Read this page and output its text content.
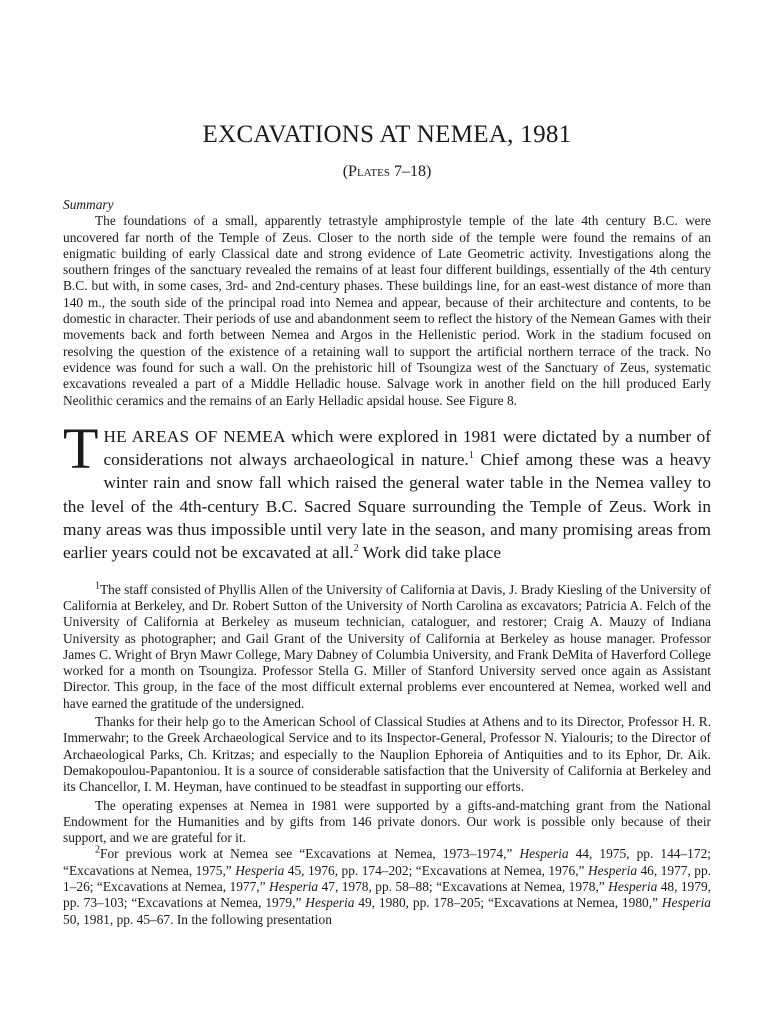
EXCAVATIONS AT NEMEA, 1981
(Plates 7–18)
Summary

The foundations of a small, apparently tetrastyle amphiprostyle temple of the late 4th century B.C. were uncovered far north of the Temple of Zeus. Closer to the north side of the temple were found the remains of an enigmatic building of early Classical date and strong evidence of Late Geometric activity. Investigations along the southern fringes of the sanctuary revealed the remains of at least four different buildings, essentially of the 4th century B.C. but with, in some cases, 3rd- and 2nd-century phases. These buildings line, for an east-west distance of more than 140 m., the south side of the principal road into Nemea and appear, because of their architecture and contents, to be domestic in character. Their periods of use and abandonment seem to reflect the history of the Nemean Games with their movements back and forth between Nemea and Argos in the Hellenistic period. Work in the stadium focused on resolving the question of the existence of a retaining wall to support the artificial northern terrace of the track. No evidence was found for such a wall. On the prehistoric hill of Tsoungiza west of the Sanctuary of Zeus, systematic excavations revealed a part of a Middle Helladic house. Salvage work in another field on the hill produced Early Neolithic ceramics and the remains of an Early Helladic apsidal house. See Figure 8.

THE AREAS OF NEMEA which were explored in 1981 were dictated by a number of considerations not always archaeological in nature.$^1$ Chief among these was a heavy winter rain and snow fall which raised the general water table in the Nemea valley to the level of the 4th-century B.C. Sacred Square surrounding the Temple of Zeus. Work in many areas was thus impossible until very late in the season, and many promising areas from earlier years could not be excavated at all.$^2$ Work did take place

$^1$The staff consisted of Phyllis Allen of the University of California at Davis, J. Brady Kiesling of the University of California at Berkeley, and Dr. Robert Sutton of the University of North Carolina as excavators; Patricia A. Felch of the University of California at Berkeley as museum technician, cataloguer, and restorer; Craig A. Mauzy of Indiana University as photographer; and Gail Grant of the University of California at Berkeley as house manager. Professor James C. Wright of Bryn Mawr College, Mary Dabney of Columbia University, and Frank DeMita of Haverford College worked for a month on Tsoungiza. Professor Stella G. Miller of Stanford University served once again as Assistant Director. This group, in the face of the most difficult external problems ever encountered at Nemea, worked well and have earned the gratitude of the undersigned.

Thanks for their help go to the American School of Classical Studies at Athens and to its Director, Professor H. R. Immerwahr; to the Greek Archaeological Service and to its Inspector-General, Professor N. Yialouris; to the Director of Archaeological Parks, Ch. Kritzas; and especially to the Nauplion Ephoreia of Antiquities and to its Ephor, Dr. Aik. Demakopoulou-Papantoniou. It is a source of considerable satisfaction that the University of California at Berkeley and its Chancellor, I. M. Heyman, have continued to be steadfast in supporting our efforts.

The operating expenses at Nemea in 1981 were supported by a gifts-and-matching grant from the National Endowment for the Humanities and by gifts from 146 private donors. Our work is possible only because of their support, and we are grateful for it.

$^2$For previous work at Nemea see “Excavations at Nemea, 1973–1974,” Hesperia 44, 1975, pp. 144–172; “Excavations at Nemea, 1975,” Hesperia 45, 1976, pp. 174–202; “Excavations at Nemea, 1976,” Hesperia 46, 1977, pp. 1–26; “Excavations at Nemea, 1977,” Hesperia 47, 1978, pp. 58–88; “Excavations at Nemea, 1978,” Hesperia 48, 1979, pp. 73–103; “Excavations at Nemea, 1979,” Hesperia 49, 1980, pp. 178–205; “Excavations at Nemea, 1980,” Hesperia 50, 1981, pp. 45–67. In the following presentation
